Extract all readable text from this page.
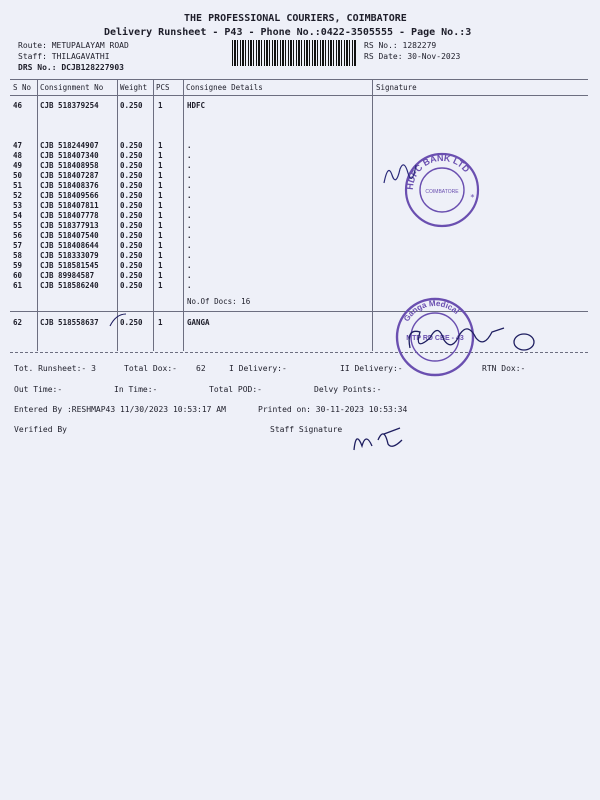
THE PROFESSIONAL COURIERS, COIMBATORE
Delivery Runsheet - P43 - Phone No.:0422-3505555 - Page No.:3
Route: METUPALAYAM ROAD
Staff: THILAGAVATHI
DRS No.: DCJB128227903
RS No.: 1282279
RS Date: 30-Nov-2023
S No Consignment No Weight PCS Consignee Details	Signature
46 CJB 518379254	0.250 1	HDFC
47 CJB 518244907	0.250 1	.
48 CJB 518407340	0.250 1	.
49 CJB 518408958	0.250 1	.
50 CJB 518407287	0.250 1	.
51 CJB 518408376	0.250 1	.
52 CJB 518409566	0.250 1	.
53 CJB 518407811	0.250 1	.
54 CJB 518407778	0.250 1	.
55 CJB 518377913	0.250 1	.
56 CJB 518407540	0.250 1	.
57 CJB 518408644	0.250 1	.
58 CJB 518333079	0.250 1	.
59 CJB 518581545	0.250 1	.
60 CJB 89984587	0.250 1	.
61 CJB 518586240	0.250 1	.
No.Of Docs: 16
62 CJB 518558637	0.250 1	GANGA
Tot. Runsheet:- 3	Total Dox:- 62	I Delivery:-	II Delivery:-	RTN Dox:-
Out Time:-	In Time:-	Total POD:-	Delvy Points:-
Entered By :RESHMAP43 11/30/2023 10:53:17 AM	Printed on: 30-11-2023 10:53:34
Verified By	Staff Signature
HDFC BANK LTD
COIMBATORE
*
Ganga Medical
MTP RD CBE - 43
